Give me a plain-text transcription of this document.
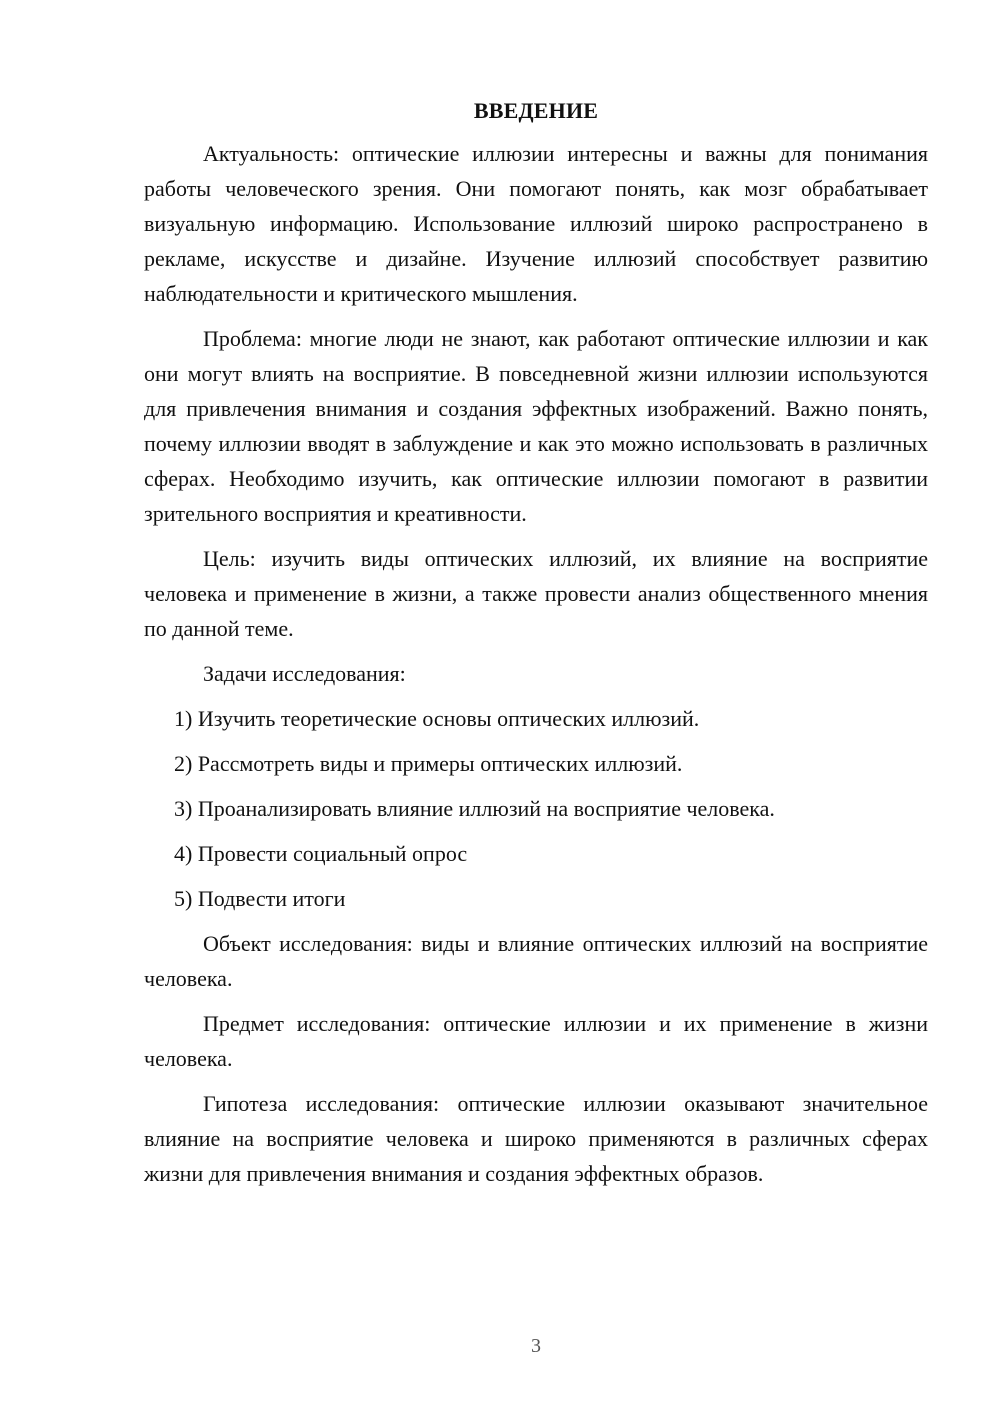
ВВЕДЕНИЕ

Актуальность: оптические иллюзии интересны и важны для понимания работы человеческого зрения. Они помогают понять, как мозг обрабатывает визуальную информацию. Использование иллюзий широко распространено в рекламе, искусстве и дизайне. Изучение иллюзий способствует развитию наблюдательности и критического мышления.

Проблема: многие люди не знают, как работают оптические иллюзии и как они могут влиять на восприятие. В повседневной жизни иллюзии используются для привлечения внимания и создания эффектных изображений. Важно понять, почему иллюзии вводят в заблуждение и как это можно использовать в различных сферах. Необходимо изучить, как оптические иллюзии помогают в развитии зрительного восприятия и креативности.

Цель: изучить виды оптических иллюзий, их влияние на восприятие человека и применение в жизни, а также провести анализ общественного мнения по данной теме.

Задачи исследования:

1) Изучить теоретические основы оптических иллюзий.
2) Рассмотреть виды и примеры оптических иллюзий.
3) Проанализировать влияние иллюзий на восприятие человека.
4) Провести социальный опрос
5) Подвести итоги

Объект исследования: виды и влияние оптических иллюзий на восприятие человека.

Предмет исследования: оптические иллюзии и их применение в жизни человека.

Гипотеза исследования: оптические иллюзии оказывают значительное влияние на восприятие человека и широко применяются в различных сферах жизни для привлечения внимания и создания эффектных образов.

3
